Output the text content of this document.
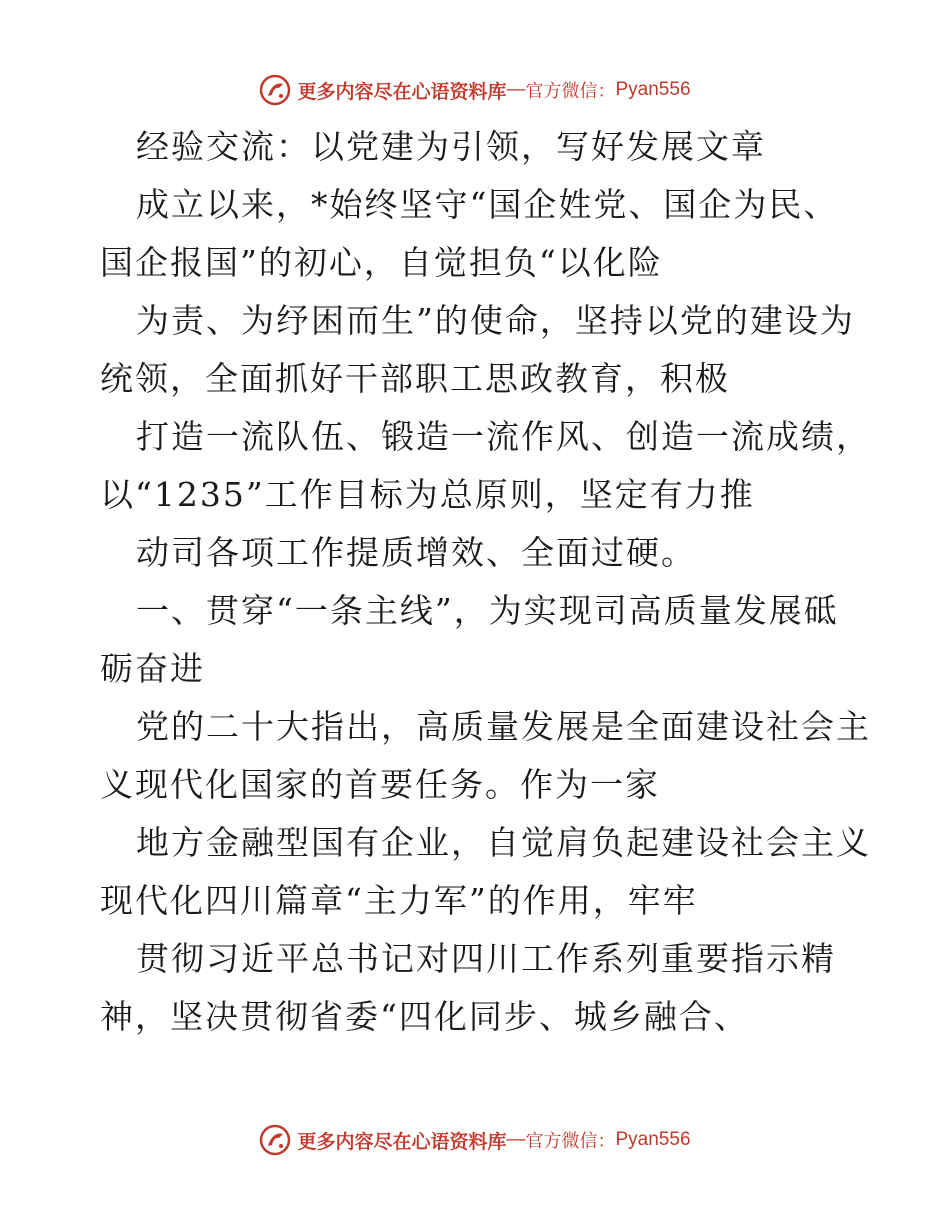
更多内容尽在心语资料库 — 官方微信： Pyan556
经验交流：以党建为引领，写好发展文章
成立以来，*始终坚守“国企姓党、国企为民、
国企报国”的初心，自觉担负“以化险
为责、为纾困而生”的使命，坚持以党的建设为
统领，全面抓好干部职工思政教育，积极
打造一流队伍、锻造一流作风、创造一流成绩，
以“1235”工作目标为总原则，坚定有力推
动司各项工作提质增效、全面过硬。
一、贯穿“一条主线”，为实现司高质量发展砥
砺奋进
党的二十大指出，高质量发展是全面建设社会主
义现代化国家的首要任务。作为一家
地方金融型国有企业，自觉肩负起建设社会主义
现代化四川篇章“主力军”的作用，牢牢
贯彻习近平总书记对四川工作系列重要指示精
神，坚决贯彻省委“四化同步、城乡融合、
更多内容尽在心语资料库 — 官方微信： Pyan556
